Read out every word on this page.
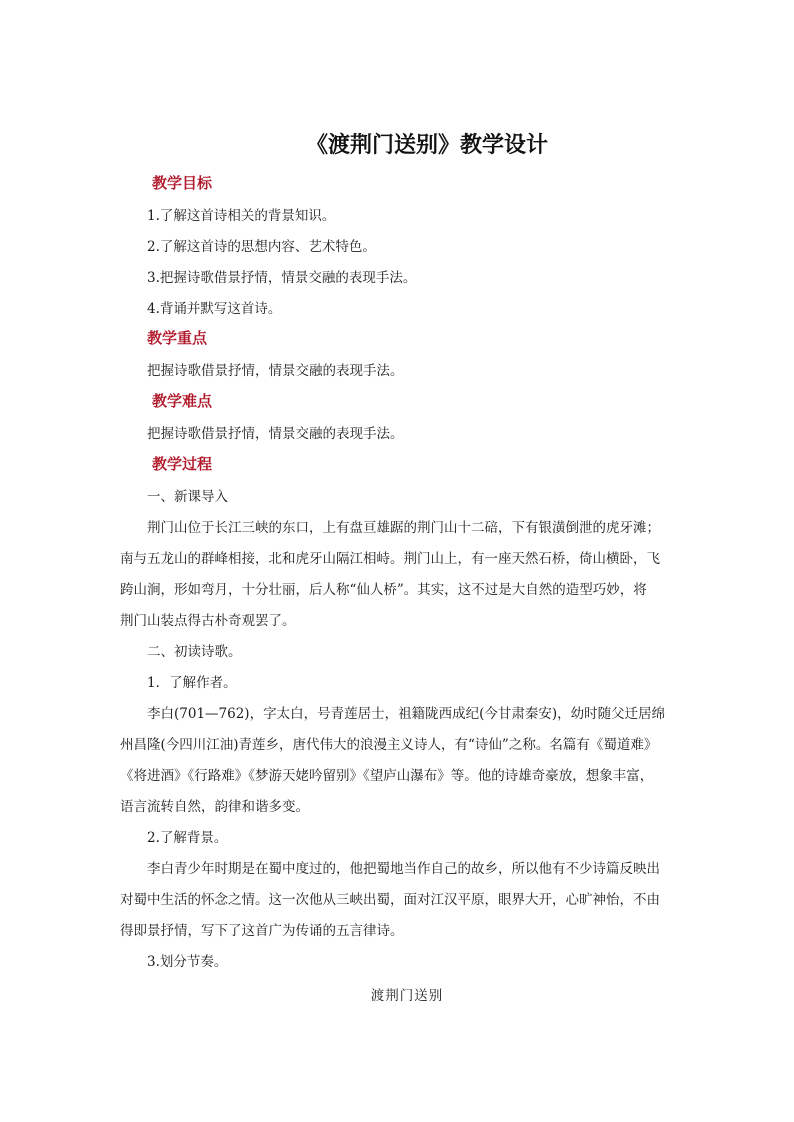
《渡荆门送别》教学设计
教学目标
1.了解这首诗相关的背景知识。
2.了解这首诗的思想内容、艺术特色。
3.把握诗歌借景抒情，情景交融的表现手法。
4.背诵并默写这首诗。
教学重点
把握诗歌借景抒情，情景交融的表现手法。
教学难点
把握诗歌借景抒情，情景交融的表现手法。
教学过程
一、新课导入
荆门山位于长江三峡的东口，上有盘亘雄踞的荆门山十二碚，下有银潢倒泄的虎牙滩；
南与五龙山的群峰相接，北和虎牙山隔江相峙。荆门山上，有一座天然石桥，倚山横卧，飞
跨山涧，形如弯月，十分壮丽，后人称“仙人桥”。其实，这不过是大自然的造型巧妙，将
荆门山装点得古朴奇观罢了。
二、初读诗歌。
1．了解作者。
李白(701—762)，字太白，号青莲居士，祖籍陇西成纪(今甘肃秦安)，幼时随父迁居绵
州昌隆(今四川江油)青莲乡，唐代伟大的浪漫主义诗人，有“诗仙”之称。名篇有《蜀道难》
《将进酒》《行路难》《梦游天姥吟留别》《望庐山瀑布》等。他的诗雄奇豪放，想象丰富，
语言流转自然，韵律和谐多变。
2.了解背景。
李白青少年时期是在蜀中度过的，他把蜀地当作自己的故乡，所以他有不少诗篇反映出
对蜀中生活的怀念之情。这一次他从三峡出蜀，面对江汉平原，眼界大开，心旷神怡，不由
得即景抒情，写下了这首广为传诵的五言律诗。
3.划分节奏。
渡荆门送别
